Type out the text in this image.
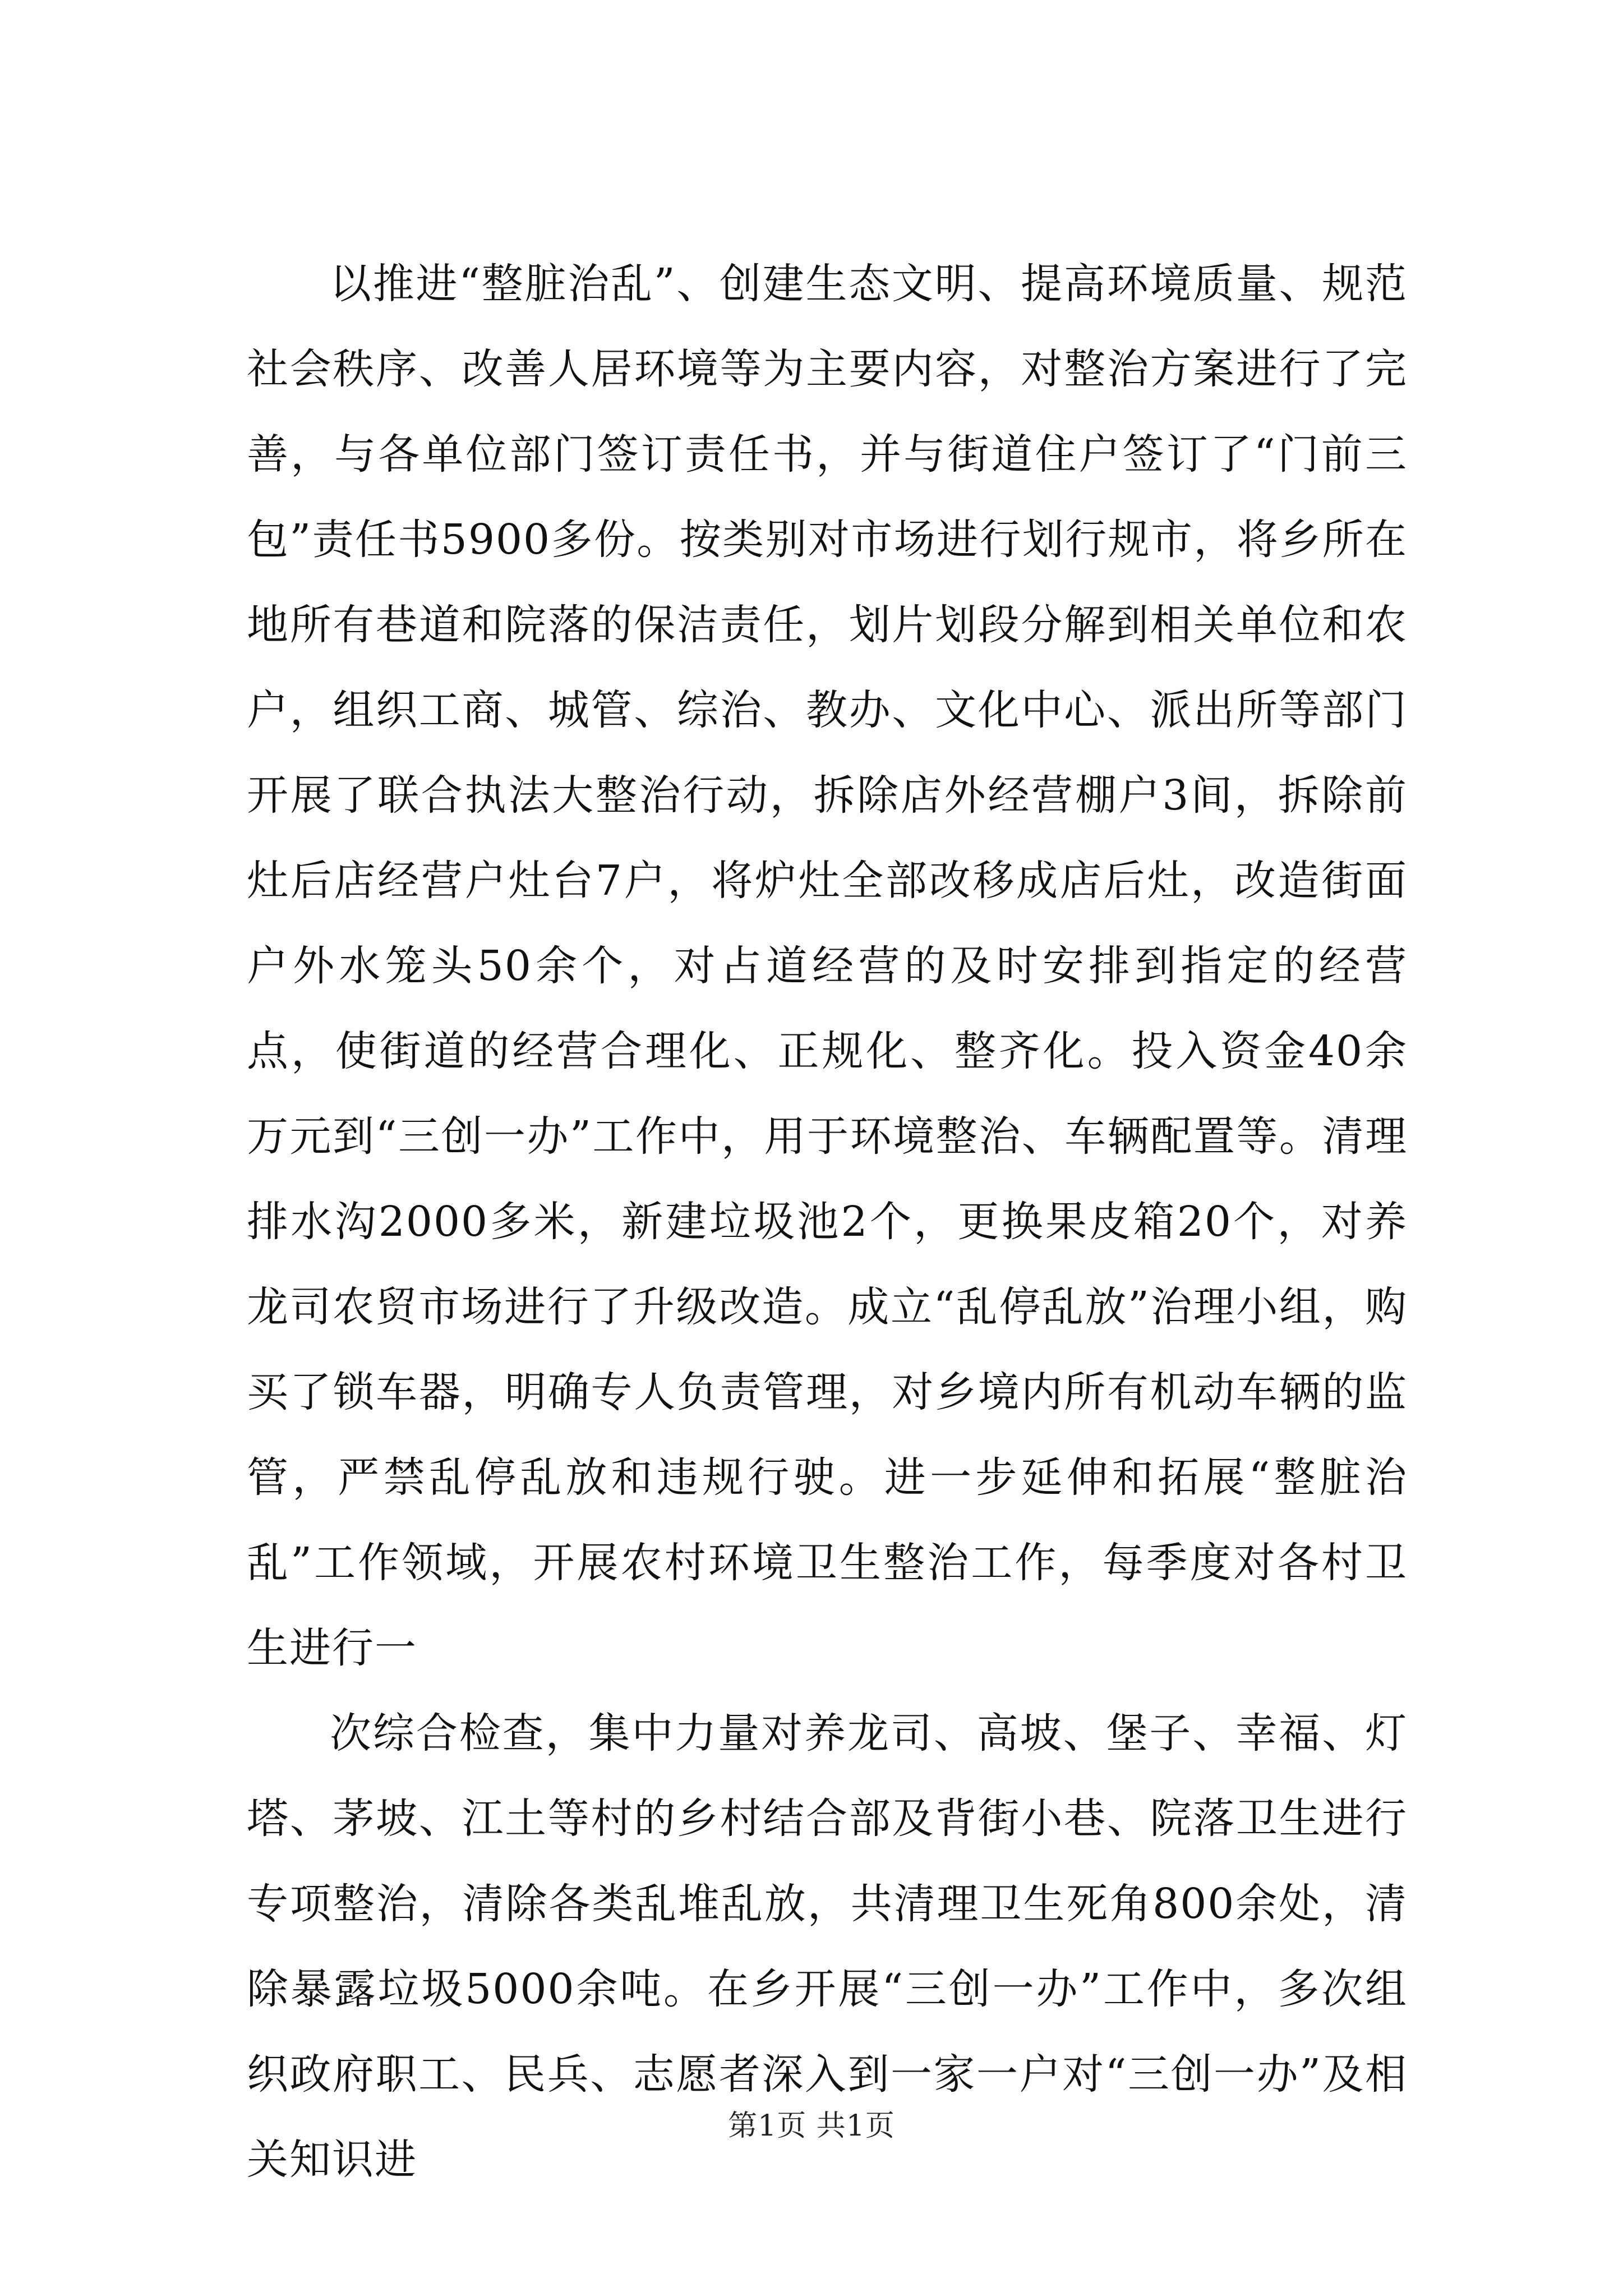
以推进“整脏治乱”、创建生态文明、提高环境质量、规范社会秩序、改善人居环境等为主要内容，对整治方案进行了完善，与各单位部门签订责任书，并与街道住户签订了“门前三包”责任书5900多份。按类别对市场进行划行规市，将乡所在地所有巷道和院落的保洁责任，划片划段分解到相关单位和农户，组织工商、城管、综治、教办、文化中心、派出所等部门开展了联合执法大整治行动，拆除店外经营棚户3间，拆除前灶后店经营户灶台7户，将炉灶全部改移成店后灶，改造街面户外水笼头50余个，对占道经营的及时安排到指定的经营点，使街道的经营合理化、正规化、整齐化。投入资金40余万元到“三创一办”工作中，用于环境整治、车辆配置等。清理排水沟2000多米，新建垃圾池2个，更换果皮箱20个，对养龙司农贸市场进行了升级改造。成立“乱停乱放”治理小组，购买了锁车器，明确专人负责管理，对乡境内所有机动车辆的监管，严禁乱停乱放和违规行驶。进一步延伸和拓展“整脏治乱”工作领域，开展农村环境卫生整治工作，每季度对各村卫生进行一

次综合检查，集中力量对养龙司、高坡、堡子、幸福、灯塔、茅坡、江土等村的乡村结合部及背街小巷、院落卫生进行专项整治，清除各类乱堆乱放，共清理卫生死角800余处，清除暴露垃圾5000余吨。在乡开展“三创一办”工作中，多次组织政府职工、民兵、志愿者深入到一家一户对“三创一办”及相关知识进

第1页 共1页
